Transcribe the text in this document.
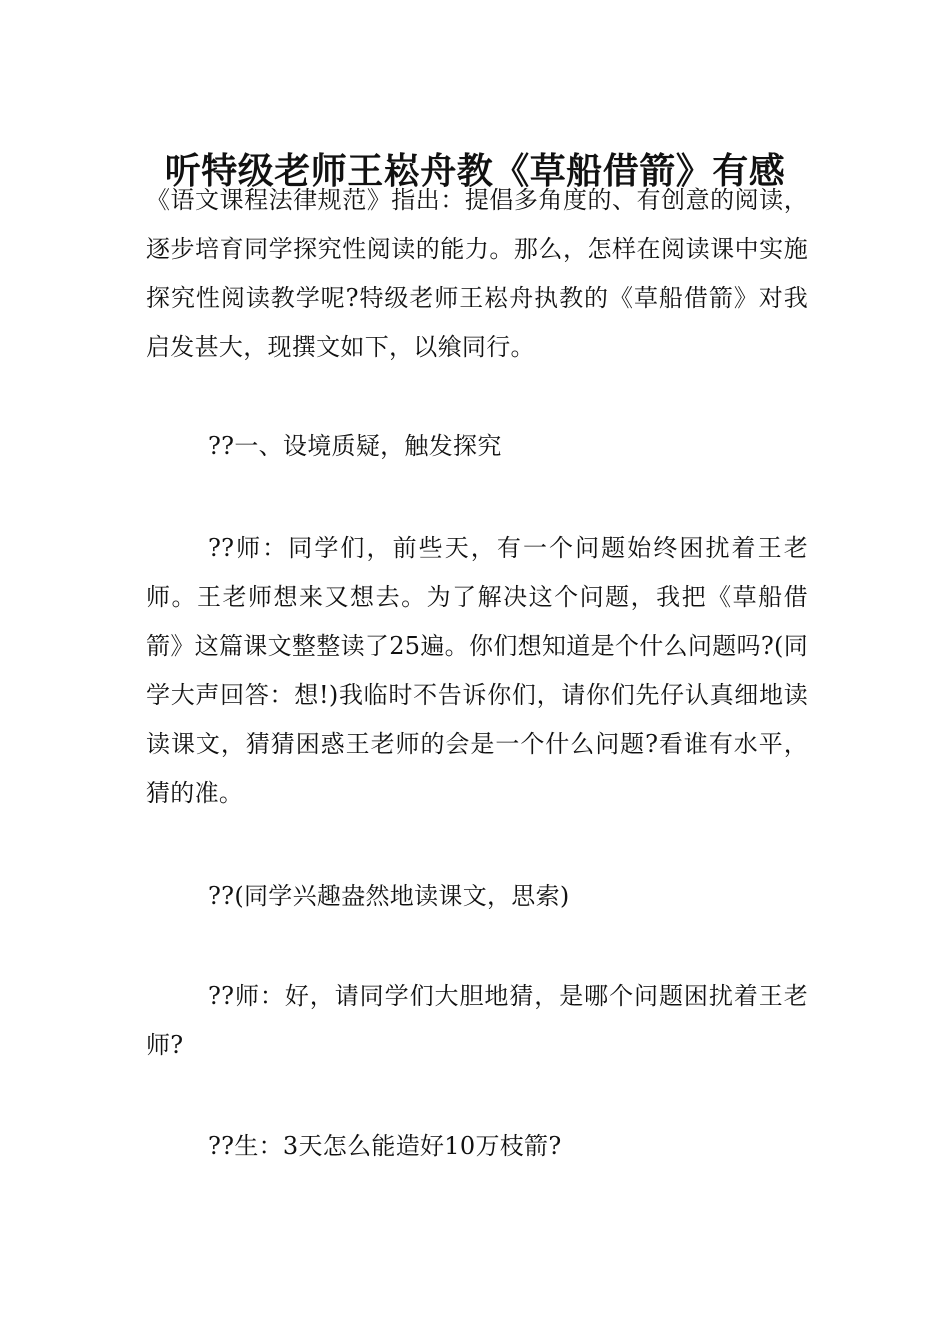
听特级老师王崧舟教《草船借箭》有感

《语文课程法律规范》指出：提倡多角度的、有创意的阅读，逐步培育同学探究性阅读的能力。那么，怎样在阅读课中实施探究性阅读教学呢?特级老师王崧舟执教的《草船借箭》对我启发甚大，现撰文如下，以飨同行。

??一、设境质疑，触发探究

??师：同学们，前些天，有一个问题始终困扰着王老师。王老师想来又想去。为了解决这个问题，我把《草船借箭》这篇课文整整读了25遍。你们想知道是个什么问题吗?(同学大声回答：想!)我临时不告诉你们，请你们先仔认真细地读读课文，猜猜困惑王老师的会是一个什么问题?看谁有水平，猜的准。

??(同学兴趣盎然地读课文，思索)

??师：好，请同学们大胆地猜，是哪个问题困扰着王老师?

??生：3天怎么能造好10万枝箭?
